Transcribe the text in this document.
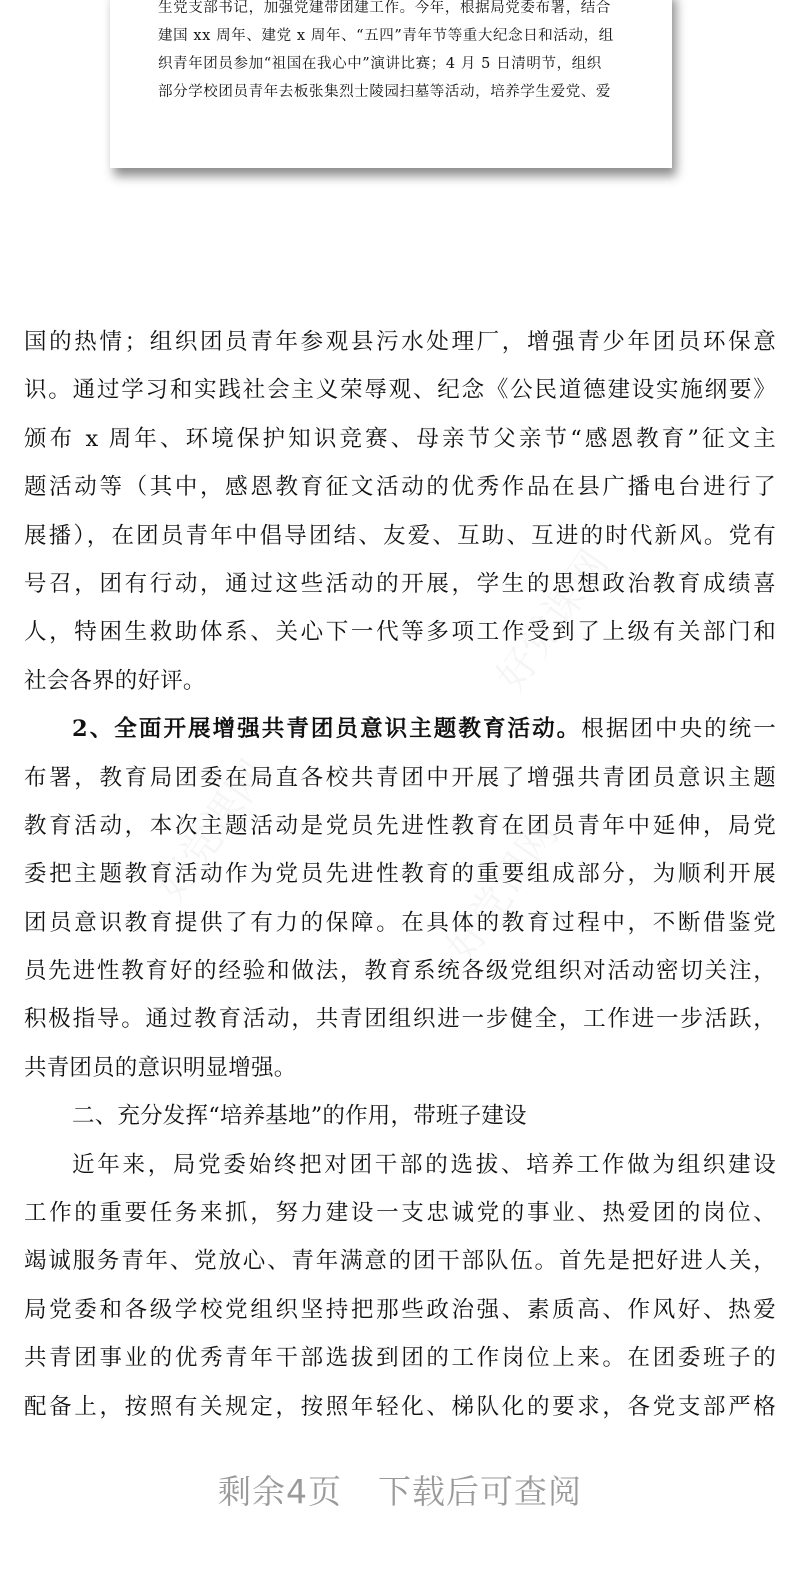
生党支部书记，加强党建带团建工作。今年，根据局党委布署，结合
建国 xx 周年、建党 x 周年、“五四”青年节等重大纪念日和活动，组
织青年团员参加“祖国在我心中”演讲比赛；4 月 5 日清明节，组织
部分学校团员青年去板张集烈士陵园扫墓等活动，培养学生爱党、爱
国的热情；组织团员青年参观县污水处理厂，增强青少年团员环保意
识。通过学习和实践社会主义荣辱观、纪念《公民道德建设实施纲要》
颁布 x 周年、环境保护知识竞赛、母亲节父亲节“感恩教育”征文主
题活动等（其中，感恩教育征文活动的优秀作品在县广播电台进行了
展播），在团员青年中倡导团结、友爱、互助、互进的时代新风。党有
号召，团有行动，通过这些活动的开展，学生的思想政治教育成绩喜
人，特困生救助体系、关心下一代等多项工作受到了上级有关部门和
社会各界的好评。
2、全面开展增强共青团员意识主题教育活动。根据团中央的统一
布署，教育局团委在局直各校共青团中开展了增强共青团员意识主题
教育活动，本次主题活动是党员先进性教育在团员青年中延伸，局党
委把主题教育活动作为党员先进性教育的重要组成部分，为顺利开展
团员意识教育提供了有力的保障。在具体的教育过程中，不断借鉴党
员先进性教育好的经验和做法，教育系统各级党组织对活动密切关注，
积极指导。通过教育活动，共青团组织进一步健全，工作进一步活跃，
共青团员的意识明显增强。
二、充分发挥“培养基地”的作用，带班子建设
近年来，局党委始终把对团干部的选拔、培养工作做为组织建设
工作的重要任务来抓，努力建设一支忠诚党的事业、热爱团的岗位、
竭诚服务青年、党放心、青年满意的团干部队伍。首先是把好进人关，
局党委和各级学校党组织坚持把那些政治强、素质高、作风好、热爱
共青团事业的优秀青年干部选拔到团的工作岗位上来。在团委班子的
配备上，按照有关规定，按照年轻化、梯队化的要求，各党支部严格
剩余4页 下载后可查阅
